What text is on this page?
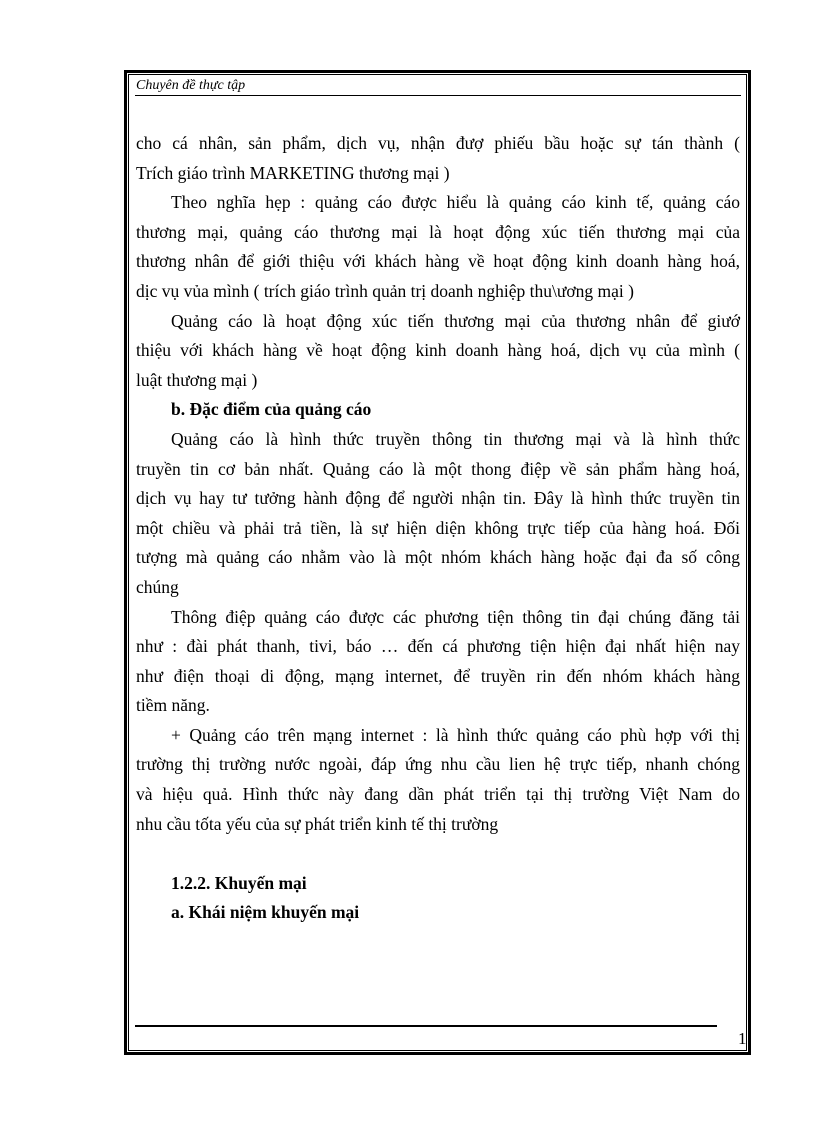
Chuyên đề thực tập

cho cá nhân, sản phẩm, dịch vụ, nhận đượ phiếu bầu hoặc sự tán thành (
Trích giáo trình MARKETING thương mại )

Theo nghĩa hẹp : quảng cáo được hiểu là quảng cáo kinh tế, quảng cáo
thương mại, quảng cáo thương mại là hoạt động xúc tiến thương mại của
thương nhân để giới thiệu với khách hàng về hoạt động kinh doanh hàng hoá,
dịc vụ vủa mình ( trích giáo trình quản trị doanh nghiệp thu\ương mại )

Quảng cáo là hoạt động xúc tiến thương mại của thương nhân để giướ
thiệu với khách hàng về hoạt động kinh doanh hàng hoá, dịch vụ của mình (
luật thương mại )

b. Đặc điểm của quảng cáo

Quảng cáo là hình thức truyền thông tin thương mại và là hình thức
truyền tin cơ bản nhất. Quảng cáo là một thong điệp về sản phẩm hàng hoá,
dịch vụ hay tư tưởng hành động để người nhận tin. Đây là hình thức truyền tin
một chiều và phải trả tiền, là sự hiện diện không trực tiếp của hàng hoá. Đối
tượng mà quảng cáo nhằm vào là một nhóm khách hàng hoặc đại đa số công
chúng

Thông điệp quảng cáo được các phương tiện thông tin đại chúng đăng tải
như : đài phát thanh, tivi, báo … đến cá phương tiện hiện đại nhất hiện nay
như điện thoại di động, mạng internet, để truyền rin đến nhóm khách hàng
tiềm năng.

+ Quảng cáo trên mạng internet : là hình thức quảng cáo phù hợp với thị
trường thị trường nước ngoài, đáp ứng nhu cầu lien hệ trực tiếp, nhanh chóng
và hiệu quả. Hình thức này đang dần phát triển tại thị trường Việt Nam do
nhu cầu tốta yếu của sự phát triển kinh tế thị trường

1.2.2. Khuyến mại

a. Khái niệm khuyến mại

1
